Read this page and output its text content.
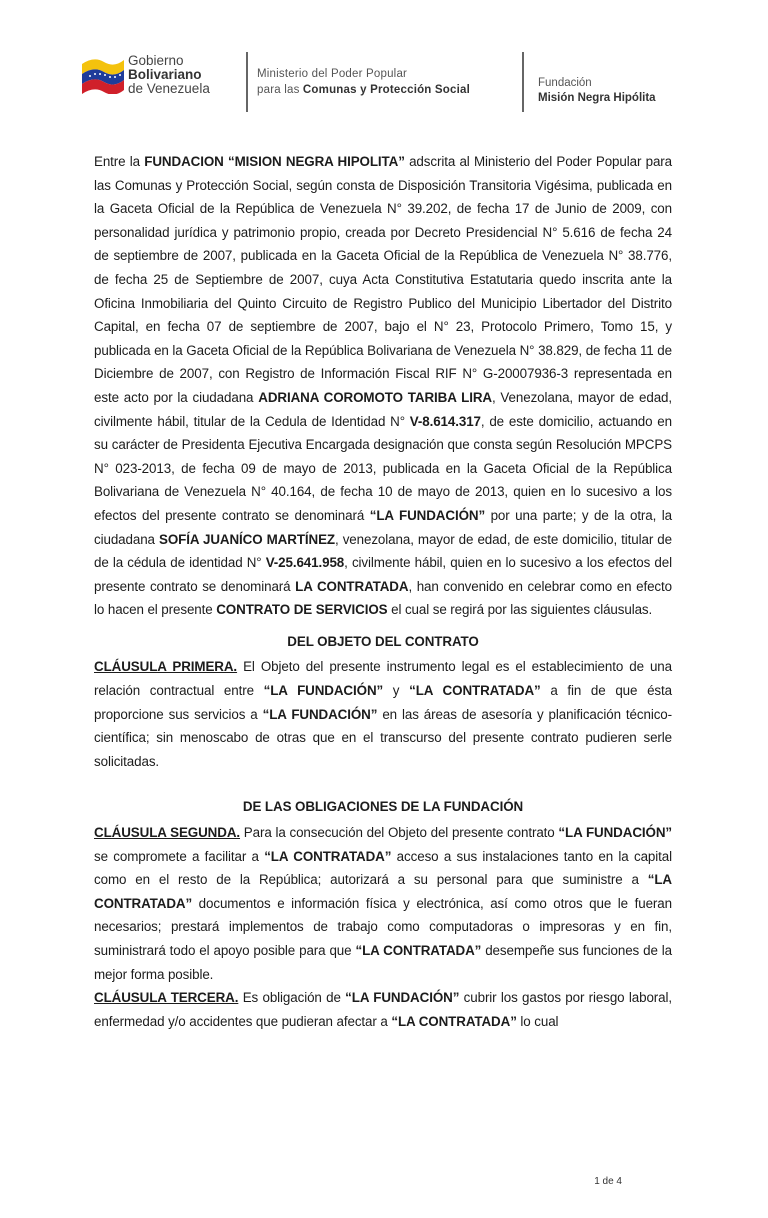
Gobierno
Bolivariano
de Venezuela
Ministerio del Poder Popular
para las Comunas y Protección Social
Fundación
Misión Negra Hipólita

Entre la FUNDACION “MISION NEGRA HIPOLITA” adscrita al Ministerio del Poder Popular para las Comunas y Protección Social, según consta de Disposición Transitoria Vigésima, publicada en la Gaceta Oficial de la República de Venezuela N° 39.202, de fecha 17 de Junio de 2009, con personalidad jurídica y patrimonio propio, creada por Decreto Presidencial N° 5.616 de fecha 24 de septiembre de 2007, publicada en la Gaceta Oficial de la República de Venezuela N° 38.776, de fecha 25 de Septiembre de 2007, cuya Acta Constitutiva Estatutaria quedo inscrita ante la Oficina Inmobiliaria del Quinto Circuito de Registro Publico del Municipio Libertador del Distrito Capital, en fecha 07 de septiembre de 2007, bajo el N° 23, Protocolo Primero, Tomo 15, y publicada en la Gaceta Oficial de la República Bolivariana de Venezuela N° 38.829, de fecha 11 de Diciembre de 2007, con Registro de Información Fiscal RIF N° G-20007936-3 representada en este acto por la ciudadana ADRIANA COROMOTO TARIBA LIRA, Venezolana, mayor de edad, civilmente hábil, titular de la Cedula de Identidad N° V-8.614.317, de este domicilio, actuando en su carácter de Presidenta Ejecutiva Encargada designación que consta según Resolución MPCPS N° 023-2013, de fecha 09 de mayo de 2013, publicada en la Gaceta Oficial de la República Bolivariana de Venezuela N° 40.164, de fecha 10 de mayo de 2013, quien en lo sucesivo a los efectos del presente contrato se denominará “LA FUNDACIÓN” por una parte; y de la otra, la ciudadana SOFÍA JUANÍCO MARTÍNEZ, venezolana, mayor de edad, de este domicilio, titular de de la cédula de identidad N° V-25.641.958, civilmente hábil, quien en lo sucesivo a los efectos del presente contrato se denominará LA CONTRATADA, han convenido en celebrar como en efecto lo hacen el presente CONTRATO DE SERVICIOS el cual se regirá por las siguientes cláusulas.

DEL OBJETO DEL CONTRATO

CLÁUSULA PRIMERA. El Objeto del presente instrumento legal es el establecimiento de una relación contractual entre “LA FUNDACIÓN” y “LA CONTRATADA” a fin de que ésta proporcione sus servicios a “LA FUNDACIÓN” en las áreas de asesoría y planificación técnico-científica; sin menoscabo de otras que en el transcurso del presente contrato pudieren serle solicitadas.

DE LAS OBLIGACIONES DE LA FUNDACIÓN

CLÁUSULA SEGUNDA. Para la consecución del Objeto del presente contrato “LA FUNDACIÓN” se compromete a facilitar a “LA CONTRATADA” acceso a sus instalaciones tanto en la capital como en el resto de la República; autorizará a su personal para que suministre a “LA CONTRATADA” documentos e información física y electrónica, así como otros que le fueran necesarios; prestará implementos de trabajo como computadoras o impresoras y en fin, suministrará todo el apoyo posible para que “LA CONTRATADA” desempeñe sus funciones de la mejor forma posible.

CLÁUSULA TERCERA. Es obligación de “LA FUNDACIÓN” cubrir los gastos por riesgo laboral, enfermedad y/o accidentes que pudieran afectar a “LA CONTRATADA” lo cual

1 de 4
